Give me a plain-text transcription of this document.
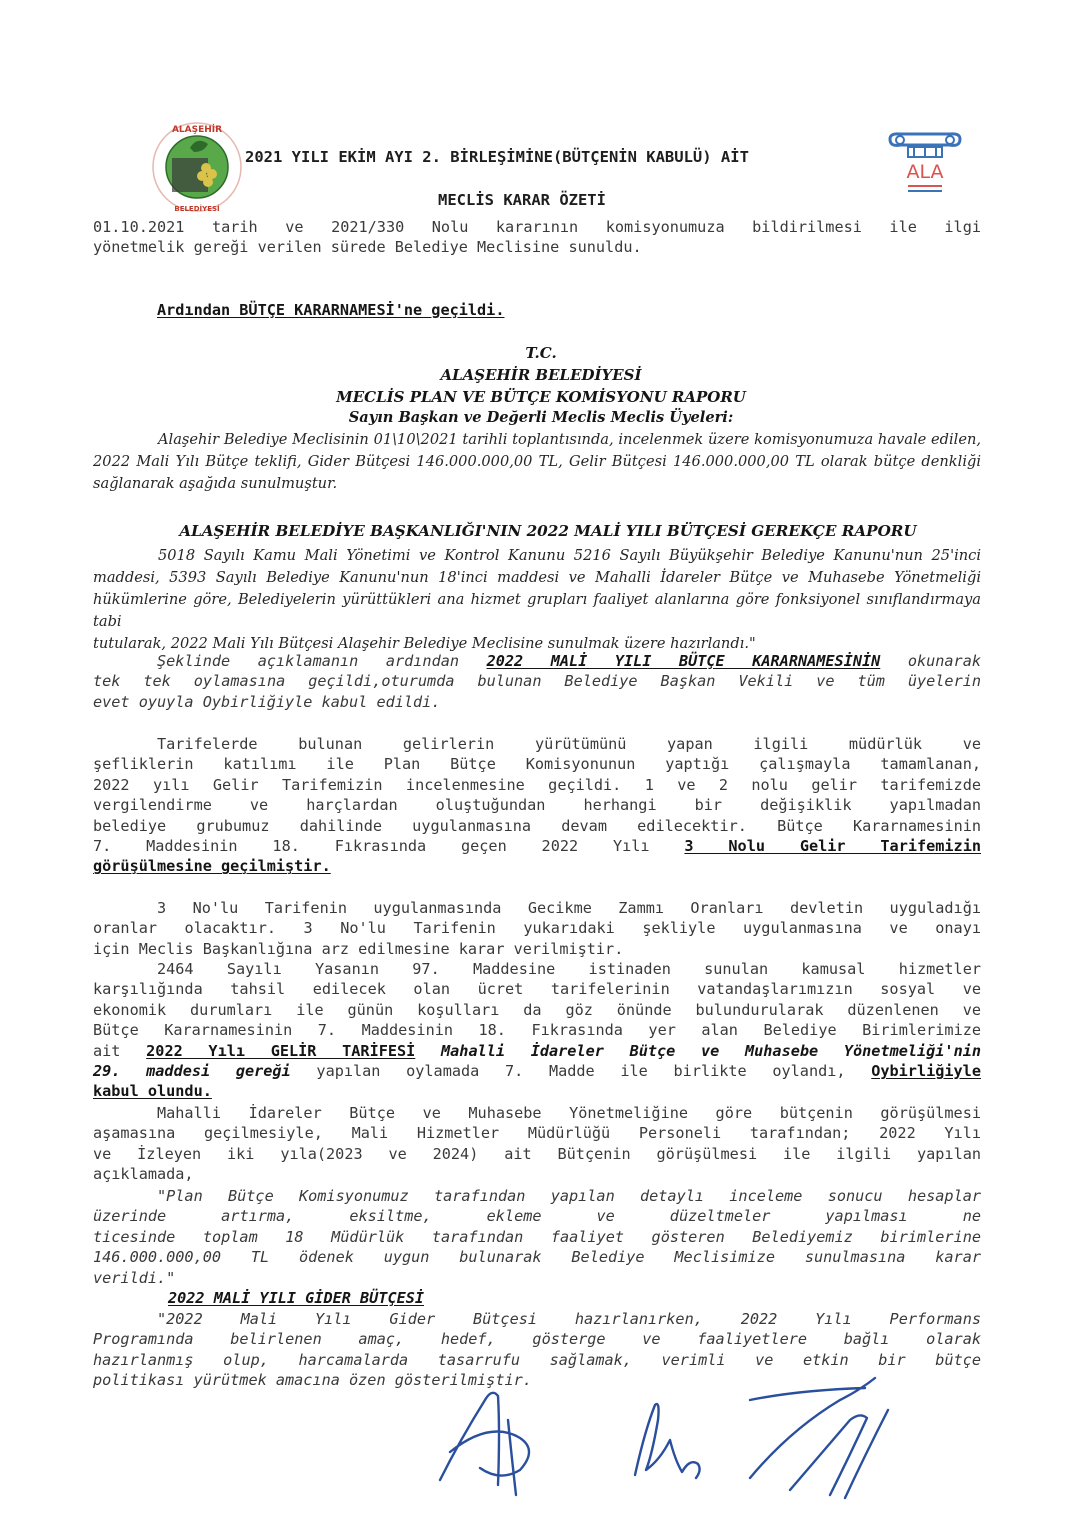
ALAŞEHİR
BELEDİYESİ
2021 YILI EKİM AYI 2. BİRLEŞİMİNE(BÜTÇENİN KABULÜ) AİT
ALA
MECLİS KARAR ÖZETİ
01.10.2021 tarih ve 2021/330 Nolu kararının komisyonumuza bildirilmesi ile ilgi
yönetmelik gereği verilen sürede Belediye Meclisine sunuldu.
Ardından BÜTÇE KARARNAMESİ'ne geçildi.
T.C.
ALAŞEHİR BELEDİYESİ
MECLİS PLAN VE BÜTÇE KOMİSYONU RAPORU
Sayın Başkan ve Değerli Meclis Meclis Üyeleri:
Alaşehir Belediye Meclisinin 01\10\2021 tarihli toplantısında, incelenmek üzere komisyonumuza havale edilen,
2022 Mali Yılı Bütçe teklifi, Gider Bütçesi 146.000.000,00 TL, Gelir Bütçesi 146.000.000,00 TL olarak bütçe denkliği
sağlanarak aşağıda sunulmuştur.
ALAŞEHİR BELEDİYE BAŞKANLIĞI'NIN 2022 MALİ YILI BÜTÇESİ GEREKÇE RAPORU
5018 Sayılı Kamu Mali Yönetimi ve Kontrol Kanunu 5216 Sayılı Büyükşehir Belediye Kanunu'nun 25'inci
maddesi, 5393 Sayılı Belediye Kanunu'nun 18'inci maddesi ve Mahalli İdareler Bütçe ve Muhasebe Yönetmeliği
hükümlerine göre, Belediyelerin yürüttükleri ana hizmet grupları faaliyet alanlarına göre fonksiyonel sınıflandırmaya tabi
tutularak, 2022 Mali Yılı Bütçesi Alaşehir Belediye Meclisine sunulmak üzere hazırlandı."
Şeklinde açıklamanın ardından 2022 MALİ YILI BÜTÇE KARARNAMESİNİN okunarak
tek tek oylamasına geçildi,oturumda bulunan Belediye Başkan Vekili ve tüm üyelerin
evet oyuyla Oybirliğiyle kabul edildi.
Tarifelerde bulunan gelirlerin yürütümünü yapan ilgili müdürlük ve
şefliklerin katılımı ile Plan Bütçe Komisyonunun yaptığı çalışmayla tamamlanan,
2022 yılı Gelir Tarifemizin incelenmesine geçildi. 1 ve 2 nolu gelir tarifemizde
vergilendirme ve harçlardan oluştuğundan herhangi bir değişiklik yapılmadan
belediye grubumuz dahilinde uygulanmasına devam edilecektir. Bütçe Kararnamesinin
7. Maddesinin 18. Fıkrasında geçen 2022 Yılı 3 Nolu Gelir Tarifemizin
görüşülmesine geçilmiştir.
3 No'lu Tarifenin uygulanmasında Gecikme Zammı Oranları devletin uyguladığı
oranlar olacaktır. 3 No'lu Tarifenin yukarıdaki şekliyle uygulanmasına ve onayı
için Meclis Başkanlığına arz edilmesine karar verilmiştir.
2464 Sayılı Yasanın 97. Maddesine istinaden sunulan kamusal hizmetler
karşılığında tahsil edilecek olan ücret tarifelerinin vatandaşlarımızın sosyal ve
ekonomik durumları ile günün koşulları da göz önünde bulundurularak düzenlenen ve
Bütçe Kararnamesinin 7. Maddesinin 18. Fıkrasında yer alan Belediye Birimlerimize
ait 2022 Yılı GELİR TARİFESİ Mahalli İdareler Bütçe ve Muhasebe Yönetmeliği'nin
29. maddesi gereği yapılan oylamada 7. Madde ile birlikte oylandı, Oybirliğiyle
kabul olundu.
Mahalli İdareler Bütçe ve Muhasebe Yönetmeliğine göre bütçenin görüşülmesi
aşamasına geçilmesiyle, Mali Hizmetler Müdürlüğü Personeli tarafından; 2022 Yılı
ve İzleyen iki yıla(2023 ve 2024) ait Bütçenin görüşülmesi ile ilgili yapılan
açıklamada,
"Plan Bütçe Komisyonumuz tarafından yapılan detaylı inceleme sonucu hesaplar
üzerinde artırma, eksiltme, ekleme ve düzeltmeler yapılması ne
ticesinde toplam 18 Müdürlük tarafından faaliyet gösteren Belediyemiz birimlerine
146.000.000,00 TL ödenek uygun bulunarak Belediye Meclisimize sunulmasına karar
verildi."
2022 MALİ YILI GİDER BÜTÇESİ
"2022 Mali Yılı Gider Bütçesi hazırlanırken, 2022 Yılı Performans
Programında belirlenen amaç, hedef, gösterge ve faaliyetlere bağlı olarak
hazırlanmış olup, harcamalarda tasarrufu sağlamak, verimli ve etkin bir bütçe
politikası yürütmek amacına özen gösterilmiştir.
